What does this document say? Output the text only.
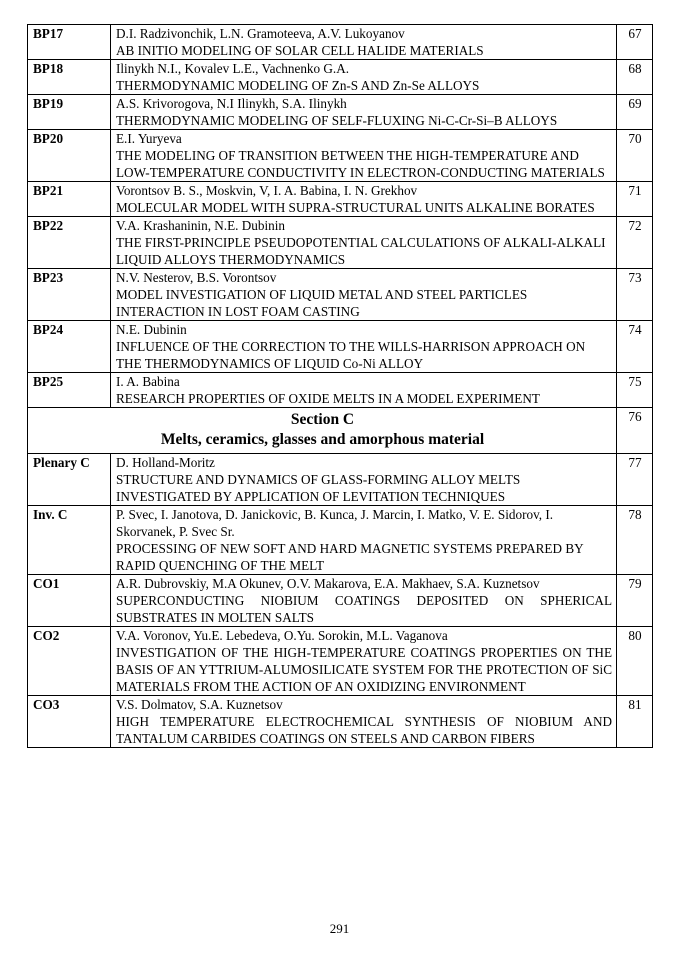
BP17	D.I. Radzivonchik, L.N. Gramoteeva, A.V. Lukoyanov
AB INITIO MODELING OF SOLAR CELL HALIDE MATERIALS	67
BP18	Ilinykh N.I., Kovalev L.E., Vachnenko G.A.
THERMODYNAMIC MODELING OF Zn-S AND Zn-Se ALLOYS	68
BP19	A.S. Krivorogova, N.I Ilinykh, S.A. Ilinykh
THERMODYNAMIC MODELING OF SELF-FLUXING Ni-C-Cr-Si–B ALLOYS	69
BP20	E.I. Yuryeva
THE MODELING OF TRANSITION BETWEEN THE HIGH-TEMPERATURE AND LOW-TEMPERATURE CONDUCTIVITY IN ELECTRON-CONDUCTING MATERIALS	70
BP21	Vorontsov B. S., Moskvin, V, I. A. Babina, I. N. Grekhov
MOLECULAR MODEL WITH SUPRA-STRUCTURAL UNITS ALKALINE BORATES	71
BP22	V.A. Krashaninin, N.E. Dubinin
THE FIRST-PRINCIPLE PSEUDOPOTENTIAL CALCULATIONS OF ALKALI-ALKALI LIQUID ALLOYS THERMODYNAMICS	72
BP23	N.V. Nesterov, B.S. Vorontsov
MODEL INVESTIGATION OF LIQUID METAL AND STEEL PARTICLES INTERACTION IN LOST FOAM CASTING	73
BP24	N.E. Dubinin
INFLUENCE OF THE CORRECTION TO THE WILLS-HARRISON APPROACH ON THE THERMODYNAMICS OF LIQUID Co-Ni ALLOY	74
BP25	I. A. Babina
RESEARCH PROPERTIES OF OXIDE MELTS IN A MODEL EXPERIMENT	75

Section C
Melts, ceramics, glasses and amorphous material		76
Plenary C	D. Holland-Moritz
STRUCTURE AND DYNAMICS OF GLASS-FORMING ALLOY MELTS INVESTIGATED BY APPLICATION OF LEVITATION TECHNIQUES	77
Inv. C	P. Svec, I. Janotova, D. Janickovic, B. Kunca, J. Marcin, I. Matko, V. E. Sidorov, I. Skorvanek, P. Svec Sr.
PROCESSING OF NEW SOFT AND HARD MAGNETIC SYSTEMS PREPARED BY RAPID QUENCHING OF THE MELT	78
CO1	A.R. Dubrovskiy, M.A Okunev, O.V. Makarova, E.A. Makhaev, S.A. Kuznetsov
SUPERCONDUCTING NIOBIUM COATINGS DEPOSITED ON SPHERICAL SUBSTRATES IN MOLTEN SALTS	79
CO2	V.A. Voronov, Yu.E. Lebedeva, O.Yu. Sorokin, M.L. Vaganova
INVESTIGATION OF THE HIGH-TEMPERATURE COATINGS PROPERTIES ON THE BASIS OF AN YTTRIUM-ALUMOSILICATE SYSTEM FOR THE PROTECTION OF SiC MATERIALS FROM THE ACTION OF AN OXIDIZING ENVIRONMENT	80
CO3	V.S. Dolmatov, S.A. Kuznetsov
HIGH TEMPERATURE ELECTROCHEMICAL SYNTHESIS OF NIOBIUM AND TANTALUM CARBIDES COATINGS ON STEELS AND CARBON FIBERS	81
291
